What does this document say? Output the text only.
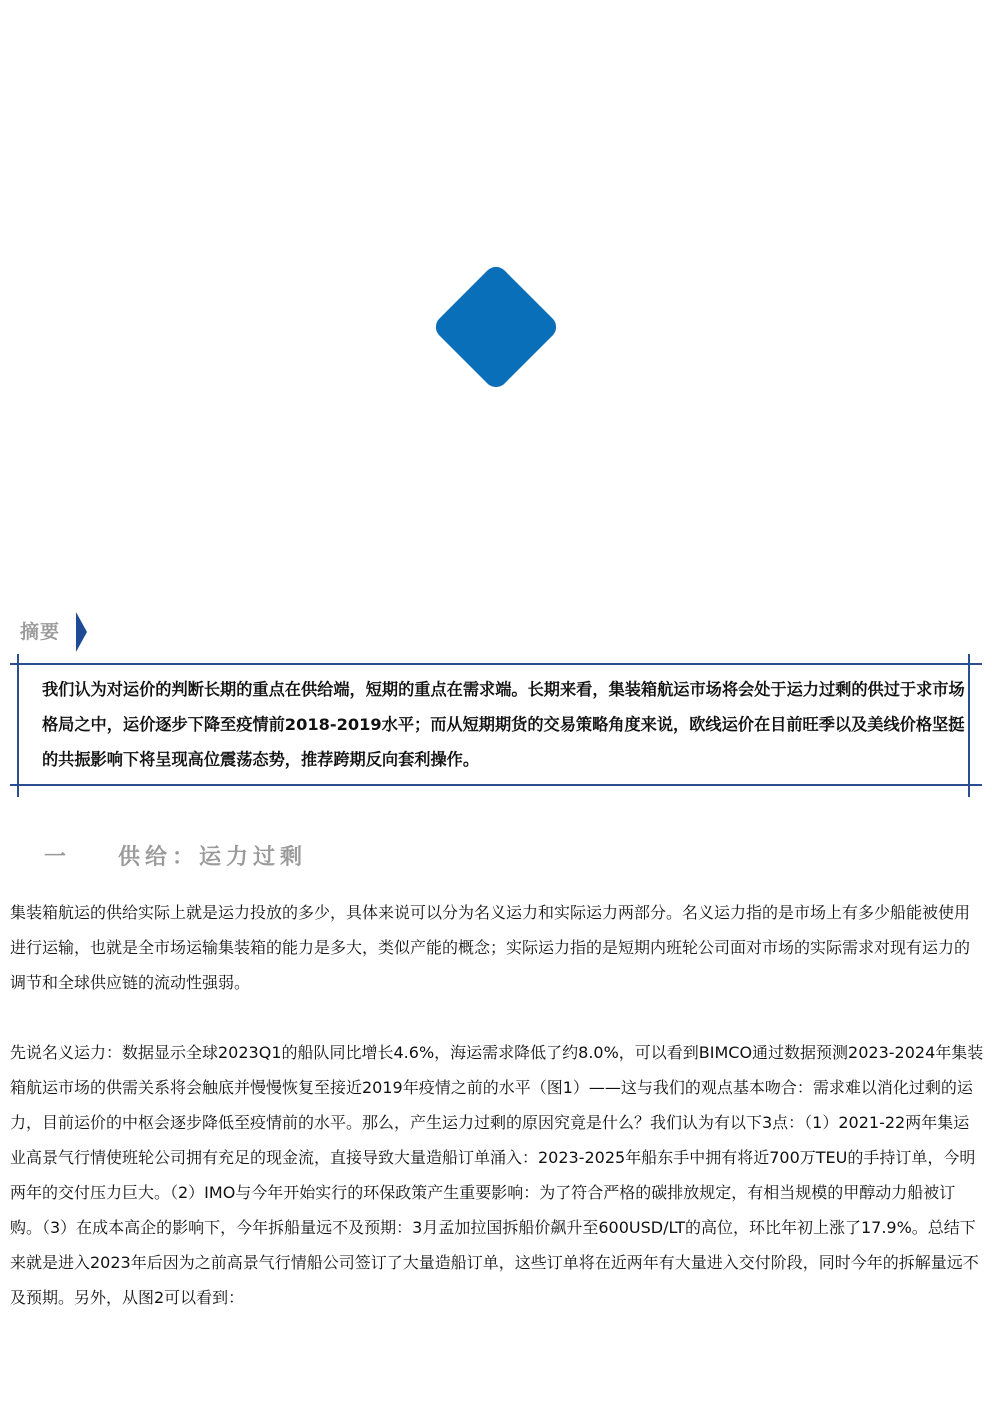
摘要
我们认为对运价的判断长期的重点在供给端，短期的重点在需求端。长期来看，集装箱航运市场将会处于运力过剩的供过于求市场格局之中，运价逐步下降至疫情前2018-2019水平；而从短期期货的交易策略角度来说，欧线运价在目前旺季以及美线价格坚挺的共振影响下将呈现高位震荡态势，推荐跨期反向套利操作。
一 供给：运力过剩
集装箱航运的供给实际上就是运力投放的多少，具体来说可以分为名义运力和实际运力两部分。名义运力指的是市场上有多少船能被使用进行运输，也就是全市场运输集装箱的能力是多大，类似产能的概念；实际运力指的是短期内班轮公司面对市场的实际需求对现有运力的调节和全球供应链的流动性强弱。
先说名义运力：数据显示全球2023Q1的船队同比增长4.6%，海运需求降低了约8.0%，可以看到BIMCO通过数据预测2023-2024年集装箱航运市场的供需关系将会触底并慢慢恢复至接近2019年疫情之前的水平（图1）——这与我们的观点基本吻合：需求难以消化过剩的运力，目前运价的中枢会逐步降低至疫情前的水平。那么，产生运力过剩的原因究竟是什么？我们认为有以下3点：（1）2021-22两年集运业高景气行情使班轮公司拥有充足的现金流，直接导致大量造船订单涌入：2023-2025年船东手中拥有将近700万TEU的手持订单，今明两年的交付压力巨大。（2）IMO与今年开始实行的环保政策产生重要影响：为了符合严格的碳排放规定，有相当规模的甲醇动力船被订购。（3）在成本高企的影响下，今年拆船量远不及预期：3月孟加拉国拆船价飙升至600USD/LT的高位，环比年初上涨了17.9%。总结下来就是进入2023年后因为之前高景气行情船公司签订了大量造船订单，这些订单将在近两年有大量进入交付阶段，同时今年的拆解量远不及预期。另外，从图2可以看到：
